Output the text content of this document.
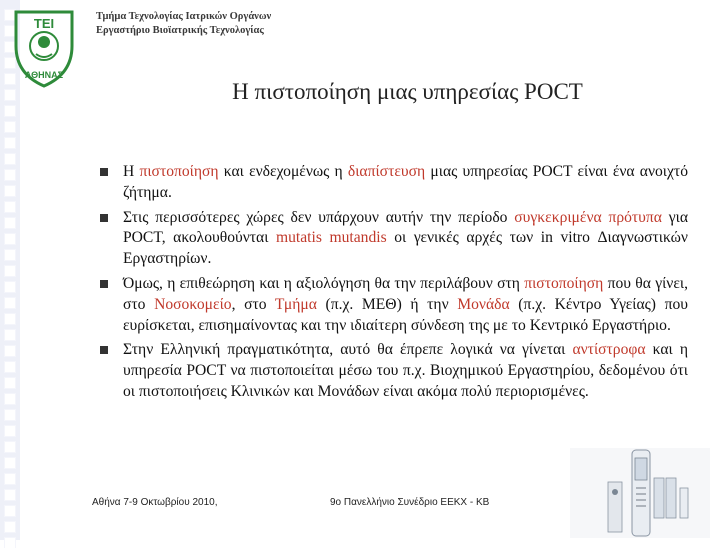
ΤΕΙ
ΑΘΗΝΑΣ
Τμήμα Τεχνολογίας Ιατρικών Οργάνων
Εργαστήριο Βιοϊατρικής Τεχνολογίας
Η πιστοποίηση μιας υπηρεσίας POCT
Η πιστοποίηση και ενδεχομένως η διαπίστευση μιας υπηρεσίας POCT είναι ένα ανοιχτό ζήτημα.
Στις περισσότερες χώρες δεν υπάρχουν αυτήν την περίοδο συγκεκριμένα πρότυπα για POCT, ακολουθούνται mutatis mutandis οι γενικές αρχές των in vitro Διαγνωστικών Εργαστηρίων.
Όμως, η επιθεώρηση και η αξιολόγηση θα την περιλάβουν στη πιστοποίηση που θα γίνει, στο Νοσοκομείο, στο Τμήμα (π.χ. ΜΕΘ) ή την Μονάδα (π.χ. Κέντρο Υγείας) που ευρίσκεται, επισημαίνοντας και την ιδιαίτερη σύνδεση της με το Κεντρικό Εργαστήριο.
Στην Ελληνική πραγματικότητα, αυτό θα έπρεπε λογικά να γίνεται αντίστροφα και η υπηρεσία POCT να πιστοποιείται μέσω του π.χ. Βιοχημικού Εργαστηρίου, δεδομένου ότι οι πιστοποιήσεις Κλινικών και Μονάδων είναι ακόμα πολύ περιορισμένες.
Αθήνα 7-9 Οκτωβρίου 2010,	9ο Πανελλήνιο Συνέδριο ΕΕΚΧ - ΚΒ
